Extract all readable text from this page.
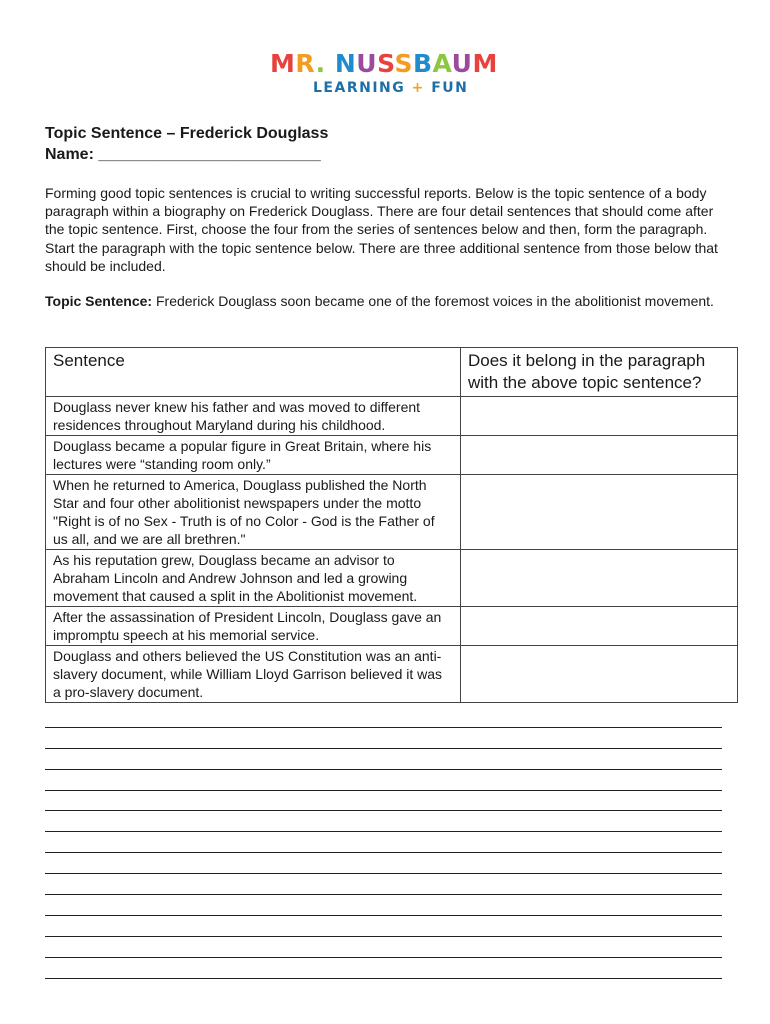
MR. NUSSBAUM
LEARNING + FUN
Topic Sentence – Frederick Douglass
Name: _________________________

Forming good topic sentences is crucial to writing successful reports. Below is the topic sentence of a body paragraph within a biography on Frederick Douglass. There are four detail sentences that should come after the topic sentence. First, choose the four from the series of sentences below and then, form the paragraph. Start the paragraph with the topic sentence below. There are three additional sentence from those below that should be included.

Topic Sentence: Frederick Douglass soon became one of the foremost voices in the abolitionist movement.

Sentence	Does it belong in the paragraph with the above topic sentence?
Douglass never knew his father and was moved to different residences throughout Maryland during his childhood.	
Douglass became a popular figure in Great Britain, where his lectures were “standing room only.”	
When he returned to America, Douglass published the North Star and four other abolitionist newspapers under the motto "Right is of no Sex - Truth is of no Color - God is the Father of us all, and we are all brethren."	
As his reputation grew, Douglass became an advisor to Abraham Lincoln and Andrew Johnson and led a growing movement that caused a split in the Abolitionist movement.	
After the assassination of President Lincoln, Douglass gave an impromptu speech at his memorial service.	
Douglass and others believed the US Constitution was an anti-slavery document, while William Lloyd Garrison believed it was a pro-slavery document.	
